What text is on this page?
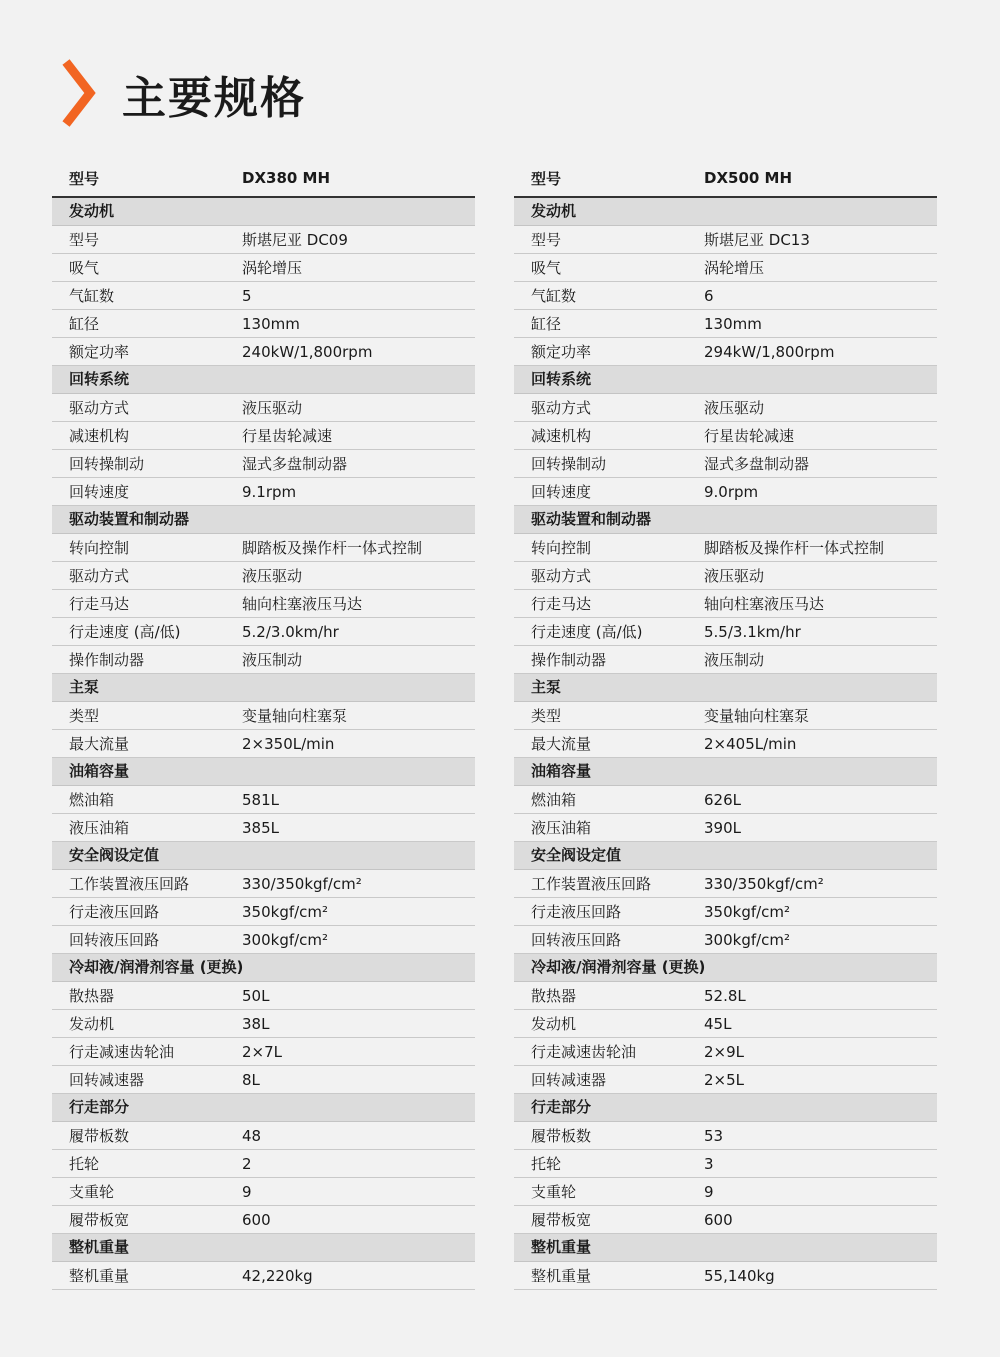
主要规格
型号	DX380 MH
发动机
型号	斯堪尼亚 DC09
吸气	涡轮增压
气缸数	5
缸径	130mm
额定功率	240kW/1,800rpm
回转系统
驱动方式	液压驱动
减速机构	行星齿轮减速
回转操制动	湿式多盘制动器
回转速度	9.1rpm
驱动装置和制动器
转向控制	脚踏板及操作杆一体式控制
驱动方式	液压驱动
行走马达	轴向柱塞液压马达
行走速度 (高/低)	5.2/3.0km/hr
操作制动器	液压制动
主泵
类型	变量轴向柱塞泵
最大流量	2×350L/min
油箱容量
燃油箱	581L
液压油箱	385L
安全阀设定值
工作装置液压回路	330/350kgf/cm²
行走液压回路	350kgf/cm²
回转液压回路	300kgf/cm²
冷却液/润滑剂容量 (更换)
散热器	50L
发动机	38L
行走减速齿轮油	2×7L
回转减速器	8L
行走部分
履带板数	48
托轮	2
支重轮	9
履带板宽	600
整机重量
整机重量	42,220kg
型号	DX500 MH
发动机
型号	斯堪尼亚 DC13
吸气	涡轮增压
气缸数	6
缸径	130mm
额定功率	294kW/1,800rpm
回转系统
驱动方式	液压驱动
减速机构	行星齿轮减速
回转操制动	湿式多盘制动器
回转速度	9.0rpm
驱动装置和制动器
转向控制	脚踏板及操作杆一体式控制
驱动方式	液压驱动
行走马达	轴向柱塞液压马达
行走速度 (高/低)	5.5/3.1km/hr
操作制动器	液压制动
主泵
类型	变量轴向柱塞泵
最大流量	2×405L/min
油箱容量
燃油箱	626L
液压油箱	390L
安全阀设定值
工作装置液压回路	330/350kgf/cm²
行走液压回路	350kgf/cm²
回转液压回路	300kgf/cm²
冷却液/润滑剂容量 (更换)
散热器	52.8L
发动机	45L
行走减速齿轮油	2×9L
回转减速器	2×5L
行走部分
履带板数	53
托轮	3
支重轮	9
履带板宽	600
整机重量
整机重量	55,140kg
